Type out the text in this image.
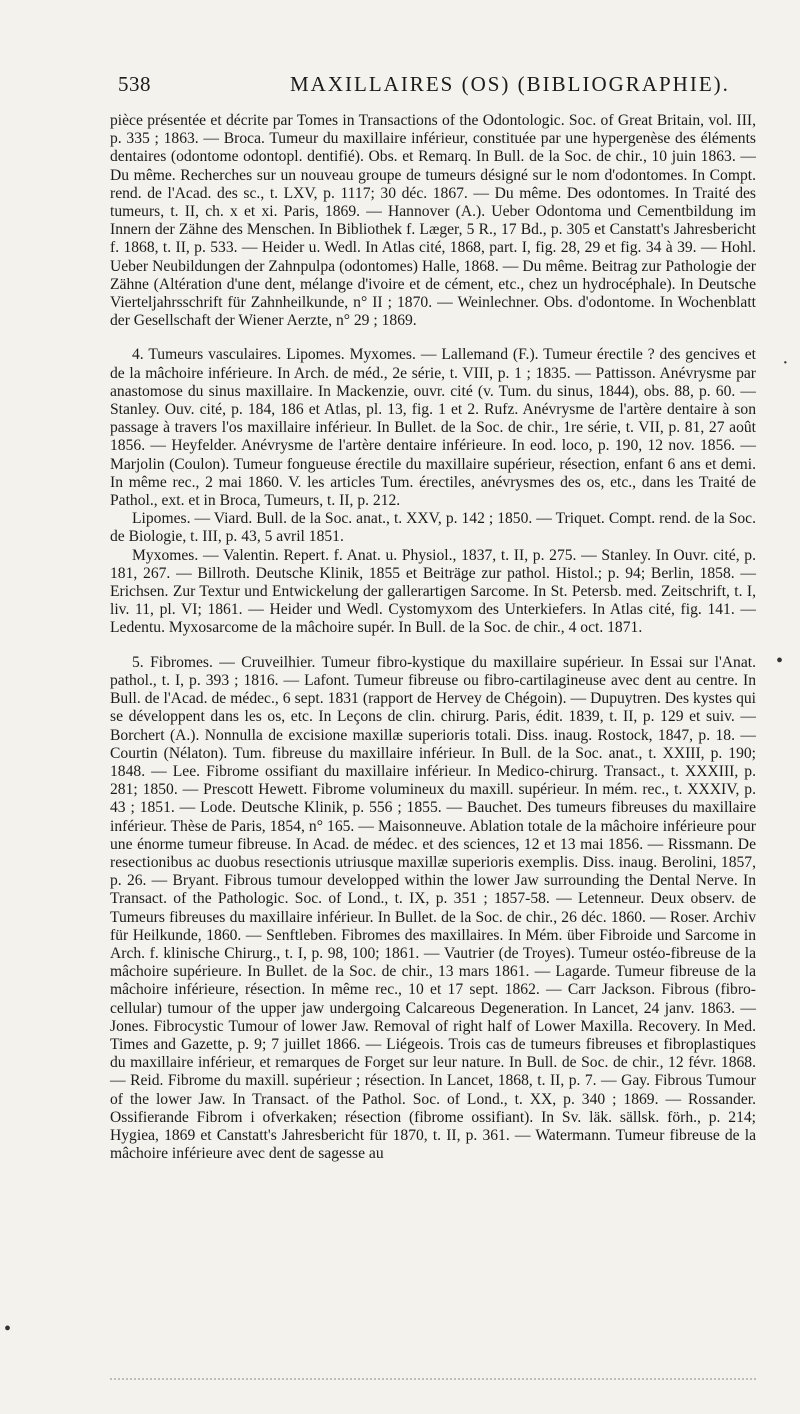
538	MAXILLAIRES (OS) (BIBLIOGRAPHIE).

pièce présentée et décrite par Tomes in Transactions of the Odontologic. Soc. of Great Britain, vol. III, p. 335 ; 1863. — Broca. Tumeur du maxillaire inférieur, constituée par une hypergenèse des éléments dentaires (odontome odontopl. dentifié). Obs. et Remarq. In Bull. de la Soc. de chir., 10 juin 1863. — Du même. Recherches sur un nouveau groupe de tumeurs désigné sur le nom d'odontomes. In Compt. rend. de l'Acad. des sc., t. LXV, p. 1117; 30 déc. 1867. — Du même. Des odontomes. In Traité des tumeurs, t. II, ch. x et xi. Paris, 1869. — Hannover (A.). Ueber Odontoma und Cementbildung im Innern der Zähne des Menschen. In Bibliothek f. Læger, 5 R., 17 Bd., p. 305 et Canstatt's Jahresbericht f. 1868, t. II, p. 533. — Heider u. Wedl. In Atlas cité, 1868, part. I, fig. 28, 29 et fig. 34 à 39. — Hohl. Ueber Neubildungen der Zahnpulpa (odontomes) Halle, 1868. — Du même. Beitrag zur Pathologie der Zähne (Altération d'une dent, mélange d'ivoire et de cément, etc., chez un hydrocéphale). In Deutsche Vierteljahrsschrift für Zahnheilkunde, n° II ; 1870. — Weinlechner. Obs. d'odontome. In Wochenblatt der Gesellschaft der Wiener Aerzte, n° 29 ; 1869.

4. Tumeurs vasculaires. Lipomes. Myxomes. — Lallemand (F.). Tumeur érectile ? des gencives et de la mâchoire inférieure. In Arch. de méd., 2e série, t. VIII, p. 1 ; 1835. — Pattisson. Anévrysme par anastomose du sinus maxillaire. In Mackenzie, ouvr. cité (v. Tum. du sinus, 1844), obs. 88, p. 60. — Stanley. Ouv. cité, p. 184, 186 et Atlas, pl. 13, fig. 1 et 2. Rufz. Anévrysme de l'artère dentaire à son passage à travers l'os maxillaire inférieur. In Bullet. de la Soc. de chir., 1re série, t. VII, p. 81, 27 août 1856. — Heyfelder. Anévrysme de l'artère dentaire inférieure. In eod. loco, p. 190, 12 nov. 1856. — Marjolin (Coulon). Tumeur fongueuse érectile du maxillaire supérieur, résection, enfant 6 ans et demi. In même rec., 2 mai 1860. V. les articles Tum. érectiles, anévrysmes des os, etc., dans les Traité de Pathol., ext. et in Broca, Tumeurs, t. II, p. 212.

Lipomes. — Viard. Bull. de la Soc. anat., t. XXV, p. 142 ; 1850. — Triquet. Compt. rend. de la Soc. de Biologie, t. III, p. 43, 5 avril 1851.

Myxomes. — Valentin. Repert. f. Anat. u. Physiol., 1837, t. II, p. 275. — Stanley. In Ouvr. cité, p. 181, 267. — Billroth. Deutsche Klinik, 1855 et Beiträge zur pathol. Histol.; p. 94; Berlin, 1858. — Erichsen. Zur Textur und Entwickelung der gallerartigen Sarcome. In St. Petersb. med. Zeitschrift, t. I, liv. 11, pl. VI; 1861. — Heider und Wedl. Cystomyxom des Unterkiefers. In Atlas cité, fig. 141. — Ledentu. Myxosarcome de la mâchoire supér. In Bull. de la Soc. de chir., 4 oct. 1871.

5. Fibromes. — Cruveilhier. Tumeur fibro-kystique du maxillaire supérieur. In Essai sur l'Anat. pathol., t. I, p. 393 ; 1816. — Lafont. Tumeur fibreuse ou fibro-cartilagineuse avec dent au centre. In Bull. de l'Acad. de médec., 6 sept. 1831 (rapport de Hervey de Chégoin). — Dupuytren. Des kystes qui se développent dans les os, etc. In Leçons de clin. chirurg. Paris, édit. 1839, t. II, p. 129 et suiv. — Borchert (A.). Nonnulla de excisione maxillæ superioris totali. Diss. inaug. Rostock, 1847, p. 18. — Courtin (Nélaton). Tum. fibreuse du maxillaire inférieur. In Bull. de la Soc. anat., t. XXIII, p. 190; 1848. — Lee. Fibrome ossifiant du maxillaire inférieur. In Medico-chirurg. Transact., t. XXXIII, p. 281; 1850. — Prescott Hewett. Fibrome volumineux du maxill. supérieur. In mém. rec., t. XXXIV, p. 43 ; 1851. — Lode. Deutsche Klinik, p. 556 ; 1855. — Bauchet. Des tumeurs fibreuses du maxillaire inférieur. Thèse de Paris, 1854, n° 165. — Maisonneuve. Ablation totale de la mâchoire inférieure pour une énorme tumeur fibreuse. In Acad. de médec. et des sciences, 12 et 13 mai 1856. — Rissmann. De resectionibus ac duobus resectionis utriusque maxillæ superioris exemplis. Diss. inaug. Berolini, 1857, p. 26. — Bryant. Fibrous tumour developped within the lower Jaw surrounding the Dental Nerve. In Transact. of the Pathologic. Soc. of Lond., t. IX, p. 351 ; 1857-58. — Letenneur. Deux observ. de Tumeurs fibreuses du maxillaire inférieur. In Bullet. de la Soc. de chir., 26 déc. 1860. — Roser. Archiv für Heilkunde, 1860. — Senftleben. Fibromes des maxillaires. In Mém. über Fibroide und Sarcome in Arch. f. klinische Chirurg., t. I, p. 98, 100; 1861. — Vautrier (de Troyes). Tumeur ostéo-fibreuse de la mâchoire supérieure. In Bullet. de la Soc. de chir., 13 mars 1861. — Lagarde. Tumeur fibreuse de la mâchoire inférieure, résection. In même rec., 10 et 17 sept. 1862. — Carr Jackson. Fibrous (fibro-cellular) tumour of the upper jaw undergoing Calcareous Degeneration. In Lancet, 24 janv. 1863. — Jones. Fibrocystic Tumour of lower Jaw. Removal of right half of Lower Maxilla. Recovery. In Med. Times and Gazette, p. 9; 7 juillet 1866. — Liégeois. Trois cas de tumeurs fibreuses et fibroplastiques du maxillaire inférieur, et remarques de Forget sur leur nature. In Bull. de Soc. de chir., 12 févr. 1868. — Reid. Fibrome du maxill. supérieur ; résection. In Lancet, 1868, t. II, p. 7. — Gay. Fibrous Tumour of the lower Jaw. In Transact. of the Pathol. Soc. of Lond., t. XX, p. 340 ; 1869. — Rossander. Ossifierande Fibrom i ofverkaken; résection (fibrome ossifiant). In Sv. läk. sällsk. förh., p. 214; Hygiea, 1869 et Canstatt's Jahresbericht für 1870, t. II, p. 361. — Watermann. Tumeur fibreuse de la mâchoire inférieure avec dent de sagesse au

·
•
•
